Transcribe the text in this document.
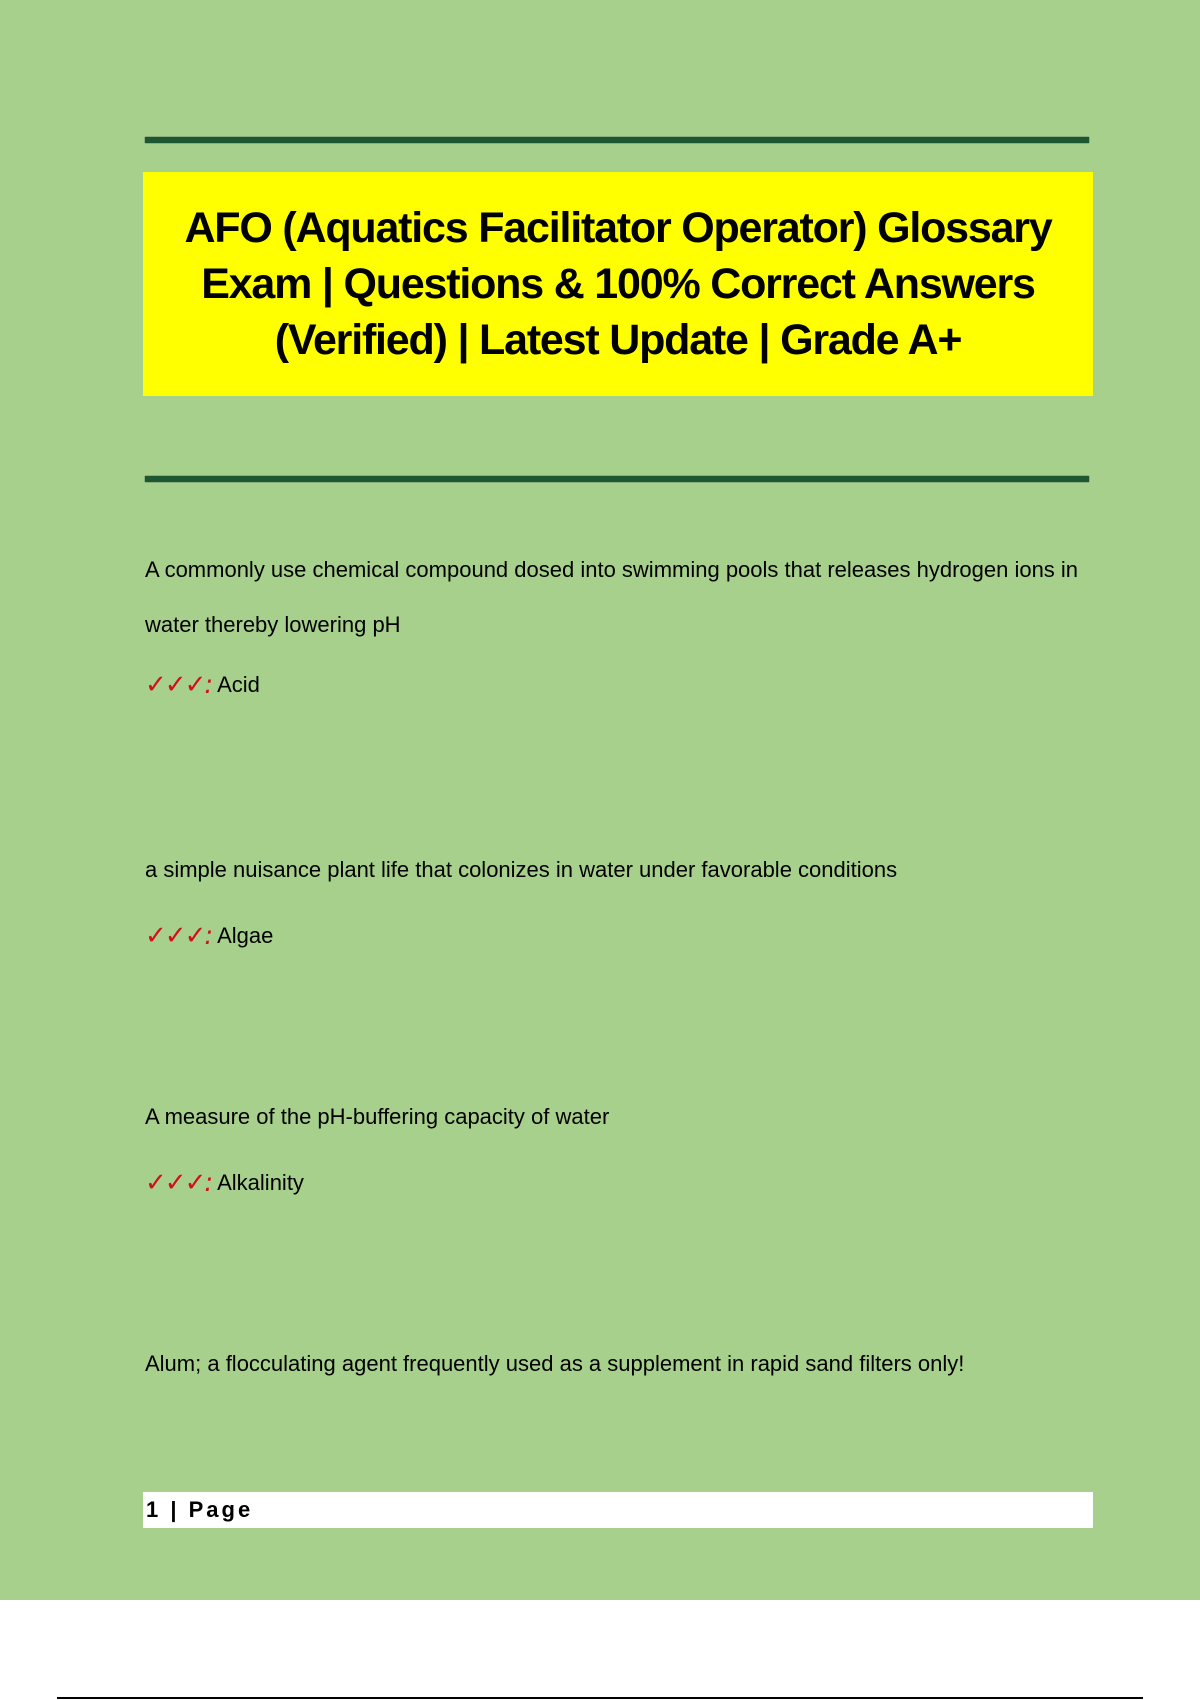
AFO (Aquatics Facilitator Operator) Glossary Exam | Questions & 100% Correct Answers (Verified) | Latest Update | Grade A+

A commonly use chemical compound dosed into swimming pools that releases hydrogen ions in water thereby lowering pH

✓✓✓: Acid

a simple nuisance plant life that colonizes in water under favorable conditions

✓✓✓: Algae

A measure of the pH-buffering capacity of water

✓✓✓: Alkalinity

Alum; a flocculating agent frequently used as a supplement in rapid sand filters only!

1 | Page
